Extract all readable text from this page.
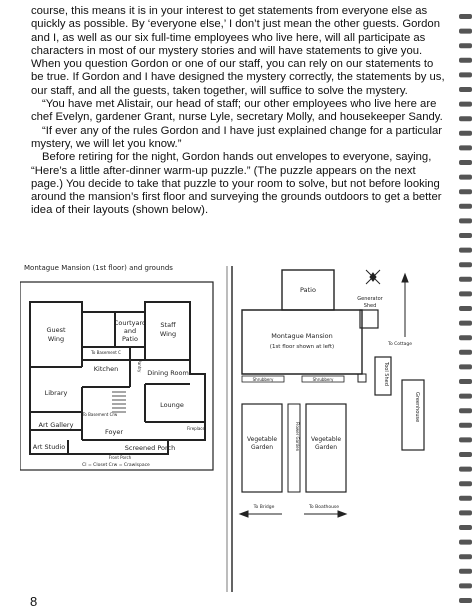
course, this means it is in your interest to get statements from everyone else as quickly as possible. By ‘everyone else,’ I don’t just mean the other guests. Gordon and I, as well as our six full-time employees who live here, will all participate as characters in most of our mystery stories and will have statements to give you. When you question Gordon or one of our staff, you can rely on our statements to be true. If Gordon and I have designed the mystery correctly, the statements by us, our staff, and all the guests, taken together, will suffice to solve the mystery.

“You have met Alistair, our head of staff; our other employees who live here are chef Evelyn, gardener Grant, nurse Lyle, secretary Molly, and housekeeper Sandy.

“If ever any of the rules Gordon and I have just explained change for a particular mystery, we will let you know.”

Before retiring for the night, Gordon hands out envelopes to everyone, saying, “Here’s a little after-dinner warm-up puzzle.” (The puzzle appears on the next page.) You decide to take that puzzle to your room to solve, but not before looking around the mansion’s first floor and surveying the grounds outdoors to get a better idea of their layouts (shown below).

Montague Mansion (1st floor) and grounds
Courtyard
and
Patio
Guest
Wing
Staff
Wing
Kitchen	Dining Room
Library
Lounge
Art Gallery
Foyer
Art Studio	Screened Porch
To Basement C
To Basement Crw
Fireplace
Front Porch
Pantry
Cl = Closet Crw = Crawlspace
Patio
Montague Mansion
(1st floor shown at left)
Generator
Shed
To Cottage
Tool Shed
Greenhouse
Shrubbery	Shrubbery
Vegetable
Garden
Vegetable
Garden
Flower Garden
To Bridge	To Boathouse
8
